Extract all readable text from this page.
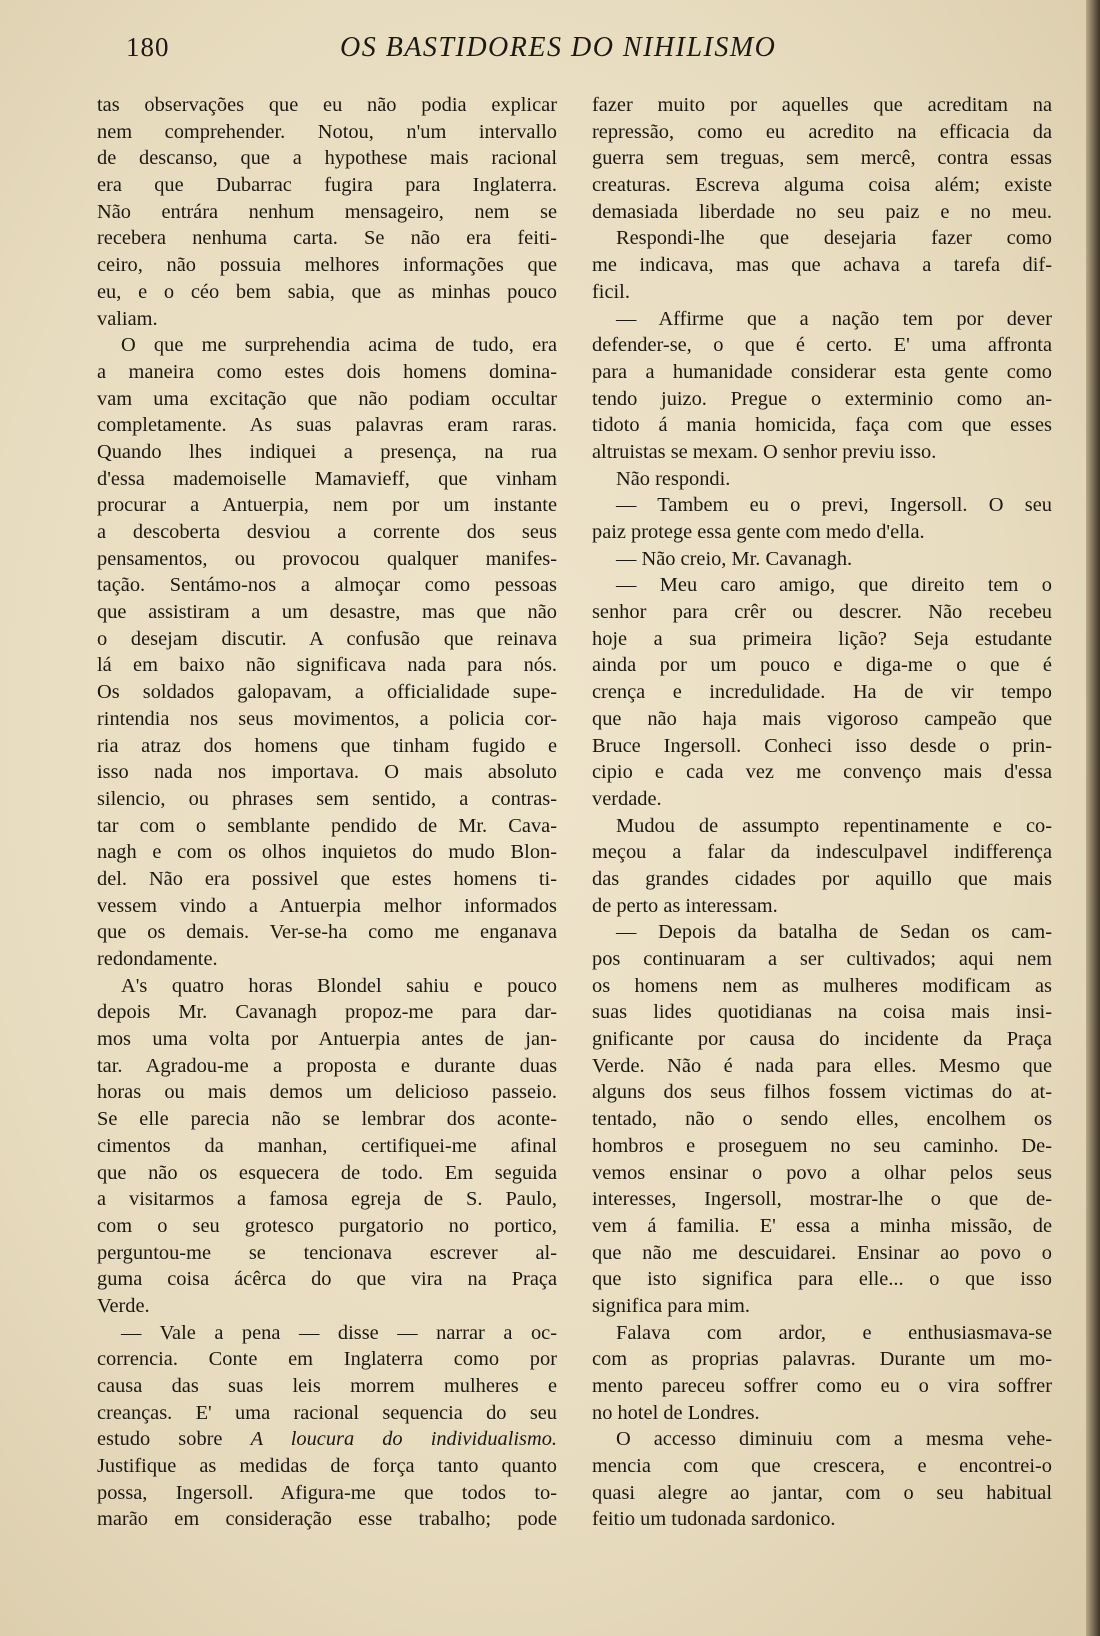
180	OS BASTIDORES DO NIHILISMO
tas observações que eu não podia explicar
nem comprehender. Notou, n'um intervallo
de descanso, que a hypothese mais racional
era que Dubarrac fugira para Inglaterra.
Não entrára nenhum mensageiro, nem se
recebera nenhuma carta. Se não era feiti-
ceiro, não possuia melhores informações que
eu, e o céo bem sabia, que as minhas pouco
valiam.
O que me surprehendia acima de tudo, era
a maneira como estes dois homens domina-
vam uma excitação que não podiam occultar
completamente. As suas palavras eram raras.
Quando lhes indiquei a presença, na rua
d'essa mademoiselle Mamavieff, que vinham
procurar a Antuerpia, nem por um instante
a descoberta desviou a corrente dos seus
pensamentos, ou provocou qualquer manifes-
tação. Sentámo-nos a almoçar como pessoas
que assistiram a um desastre, mas que não
o desejam discutir. A confusão que reinava
lá em baixo não significava nada para nós.
Os soldados galopavam, a officialidade supe-
rintendia nos seus movimentos, a policia cor-
ria atraz dos homens que tinham fugido e
isso nada nos importava. O mais absoluto
silencio, ou phrases sem sentido, a contras-
tar com o semblante pendido de Mr. Cava-
nagh e com os olhos inquietos do mudo Blon-
del. Não era possivel que estes homens ti-
vessem vindo a Antuerpia melhor informados
que os demais. Ver-se-ha como me enganava
redondamente.
A's quatro horas Blondel sahiu e pouco
depois Mr. Cavanagh propoz-me para dar-
mos uma volta por Antuerpia antes de jan-
tar. Agradou-me a proposta e durante duas
horas ou mais demos um delicioso passeio.
Se elle parecia não se lembrar dos aconte-
cimentos da manhan, certifiquei-me afinal
que não os esquecera de todo. Em seguida
a visitarmos a famosa egreja de S. Paulo,
com o seu grotesco purgatorio no portico,
perguntou-me se tencionava escrever al-
guma coisa ácêrca do que vira na Praça
Verde.
— Vale a pena — disse — narrar a oc-
correncia. Conte em Inglaterra como por
causa das suas leis morrem mulheres e
creanças. E' uma racional sequencia do seu
estudo sobre A loucura do individualismo.
Justifique as medidas de força tanto quanto
possa, Ingersoll. Afigura-me que todos to-
marão em consideração esse trabalho; pode
fazer muito por aquelles que acreditam na
repressão, como eu acredito na efficacia da
guerra sem treguas, sem mercê, contra essas
creaturas. Escreva alguma coisa além; existe
demasiada liberdade no seu paiz e no meu.
Respondi-lhe que desejaria fazer como
me indicava, mas que achava a tarefa dif-
ficil.
— Affirme que a nação tem por dever
defender-se, o que é certo. E' uma affronta
para a humanidade considerar esta gente como
tendo juizo. Pregue o exterminio como an-
tidoto á mania homicida, faça com que esses
altruistas se mexam. O senhor previu isso.
Não respondi.
— Tambem eu o previ, Ingersoll. O seu
paiz protege essa gente com medo d'ella.
— Não creio, Mr. Cavanagh.
— Meu caro amigo, que direito tem o
senhor para crêr ou descrer. Não recebeu
hoje a sua primeira lição? Seja estudante
ainda por um pouco e diga-me o que é
crença e incredulidade. Ha de vir tempo
que não haja mais vigoroso campeão que
Bruce Ingersoll. Conheci isso desde o prin-
cipio e cada vez me convenço mais d'essa
verdade.
Mudou de assumpto repentinamente e co-
meçou a falar da indesculpavel indifferença
das grandes cidades por aquillo que mais
de perto as interessam.
— Depois da batalha de Sedan os cam-
pos continuaram a ser cultivados; aqui nem
os homens nem as mulheres modificam as
suas lides quotidianas na coisa mais insi-
gnificante por causa do incidente da Praça
Verde. Não é nada para elles. Mesmo que
alguns dos seus filhos fossem victimas do at-
tentado, não o sendo elles, encolhem os
hombros e proseguem no seu caminho. De-
vemos ensinar o povo a olhar pelos seus
interesses, Ingersoll, mostrar-lhe o que de-
vem á familia. E' essa a minha missão, de
que não me descuidarei. Ensinar ao povo o
que isto significa para elle... o que isso
significa para mim.
Falava com ardor, e enthusiasmava-se
com as proprias palavras. Durante um mo-
mento pareceu soffrer como eu o vira soffrer
no hotel de Londres.
O accesso diminuiu com a mesma vehe-
mencia com que crescera, e encontrei-o
quasi alegre ao jantar, com o seu habitual
feitio um tudonada sardonico.
